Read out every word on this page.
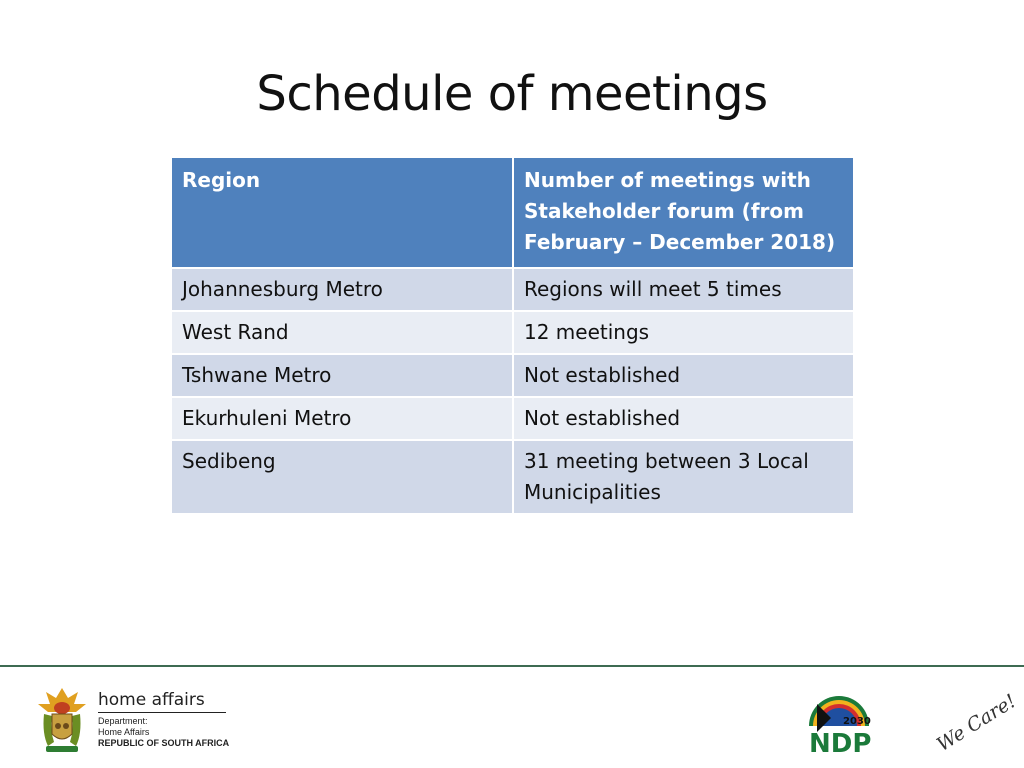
Schedule of meetings
Region	Number of meetings with Stakeholder forum (from February – December 2018)
Johannesburg Metro	Regions will meet 5 times
West Rand	12 meetings
Tshwane Metro	Not established
Ekurhuleni Metro	Not established
Sedibeng	31 meeting between 3 Local Municipalities
home affairs
Department:
Home Affairs
REPUBLIC OF SOUTH AFRICA
2030
NDP	We Care!
